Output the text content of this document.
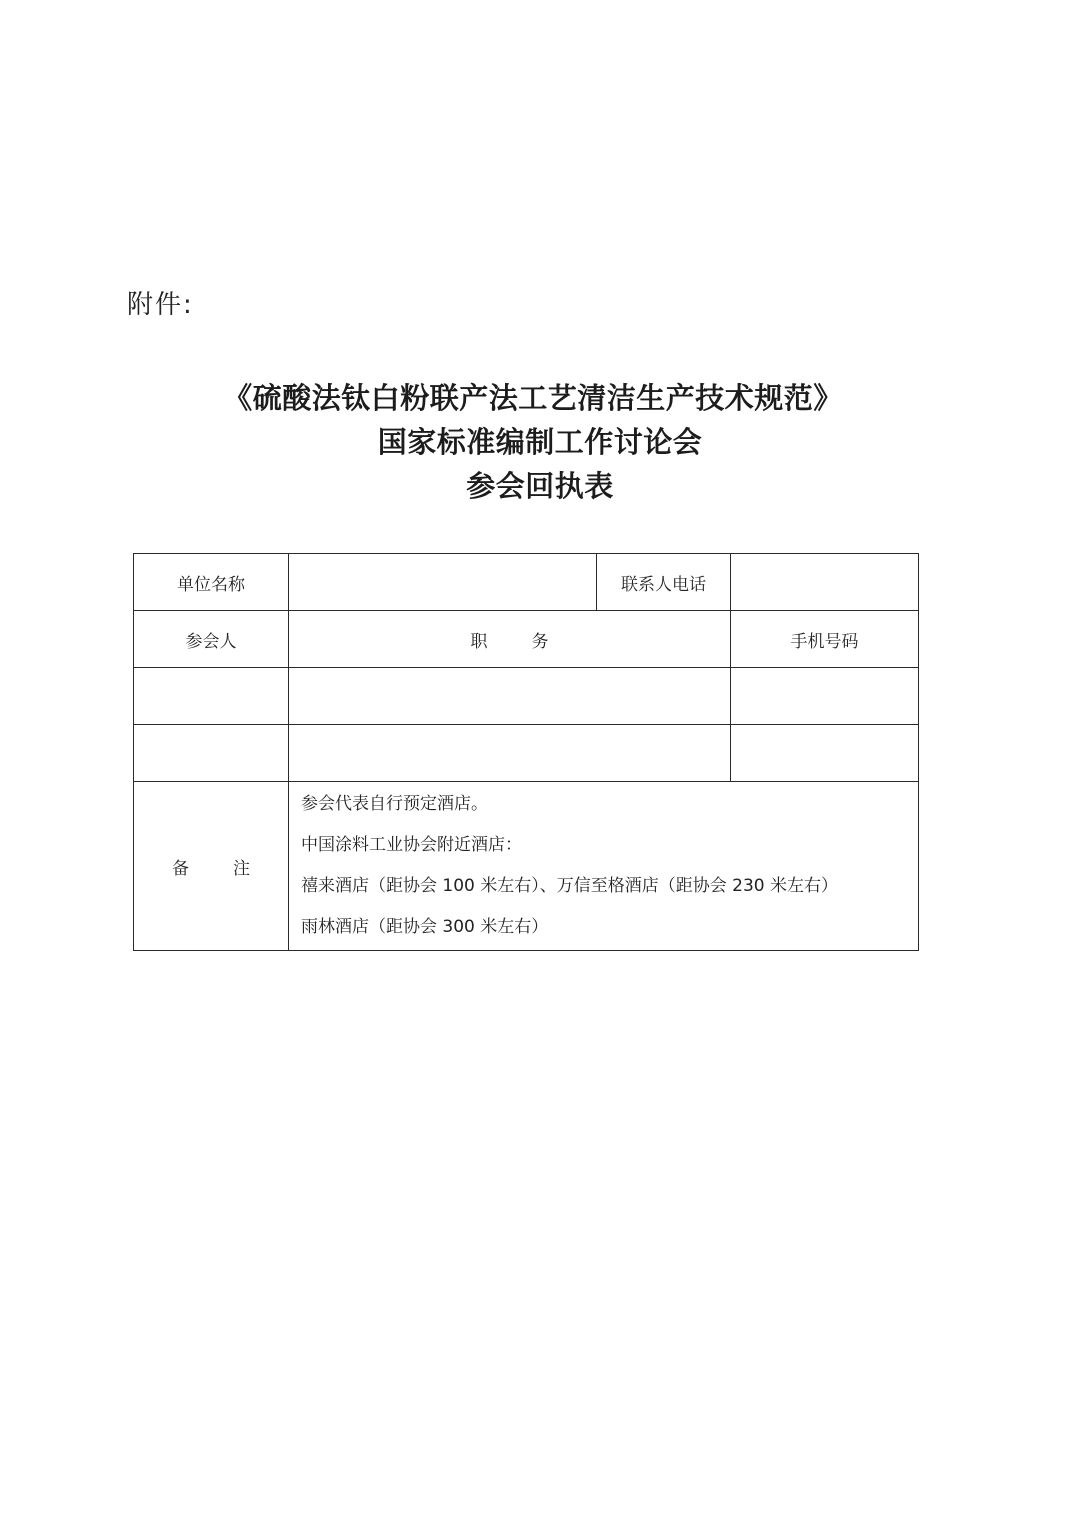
附件:
《硫酸法钛白粉联产法工艺清洁生产技术规范》
国家标准编制工作讨论会
参会回执表
单位名称		联系人电话	
参会人	职务		手机号码

备注	参会代表自行预定酒店。
中国涂料工业协会附近酒店：
禧来酒店（距协会 100 米左右）、万信至格酒店（距协会 230 米左右）
雨林酒店（距协会 300 米左右）		
